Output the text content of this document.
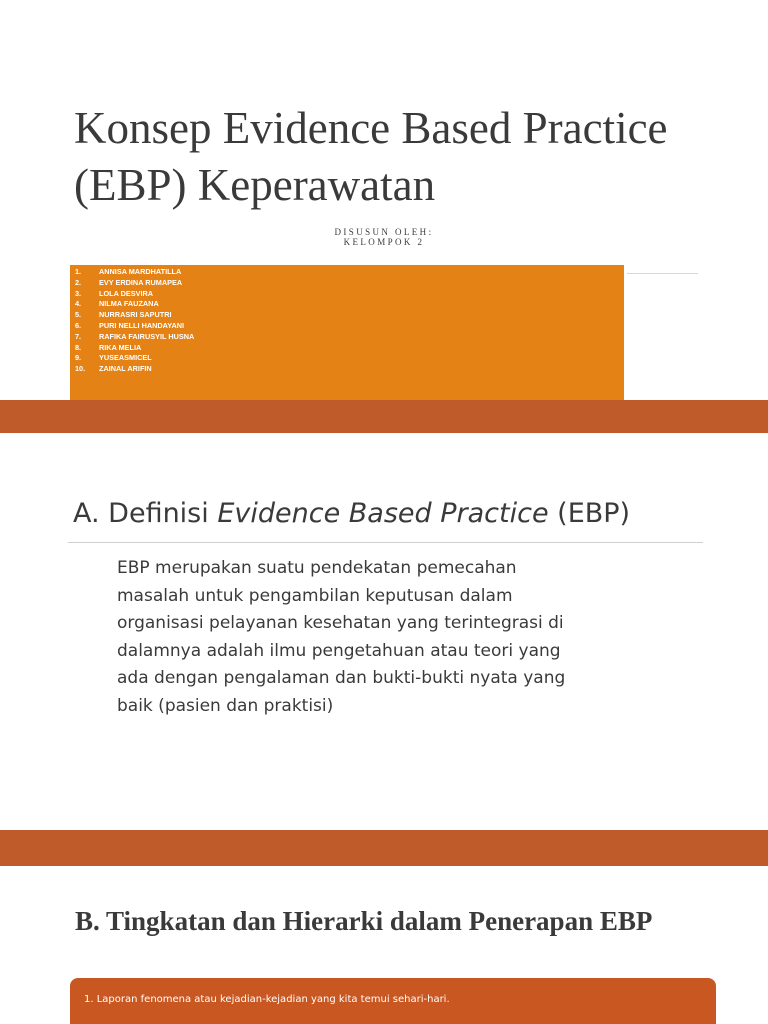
Konsep Evidence Based Practice (EBP) Keperawatan
DISUSUN OLEH:
KELOMPOK 2
1.	ANNISA MARDHATILLA
2.	EVY ERDINA RUMAPEA
3.	LOLA DESVIRA
4.	NILMA FAUZANA
5.	NURRASRI SAPUTRI
6.	PURI NELLI HANDAYANI
7.	RAFIKA FAIRUSYIL HUSNA
8.	RIKA MELIA
9.	YUSEASMICEL
10.	ZAINAL ARIFIN
A. Definisi Evidence Based Practice (EBP)

EBP merupakan suatu pendekatan pemecahan masalah untuk pengambilan keputusan dalam organisasi pelayanan kesehatan yang terintegrasi di dalamnya adalah ilmu pengetahuan atau teori yang ada dengan pengalaman dan bukti-bukti nyata yang baik (pasien dan praktisi)

B. Tingkatan dan Hierarki dalam Penerapan EBP
1. Laporan fenomena atau kejadian-kejadian yang kita temui sehari-hari.
